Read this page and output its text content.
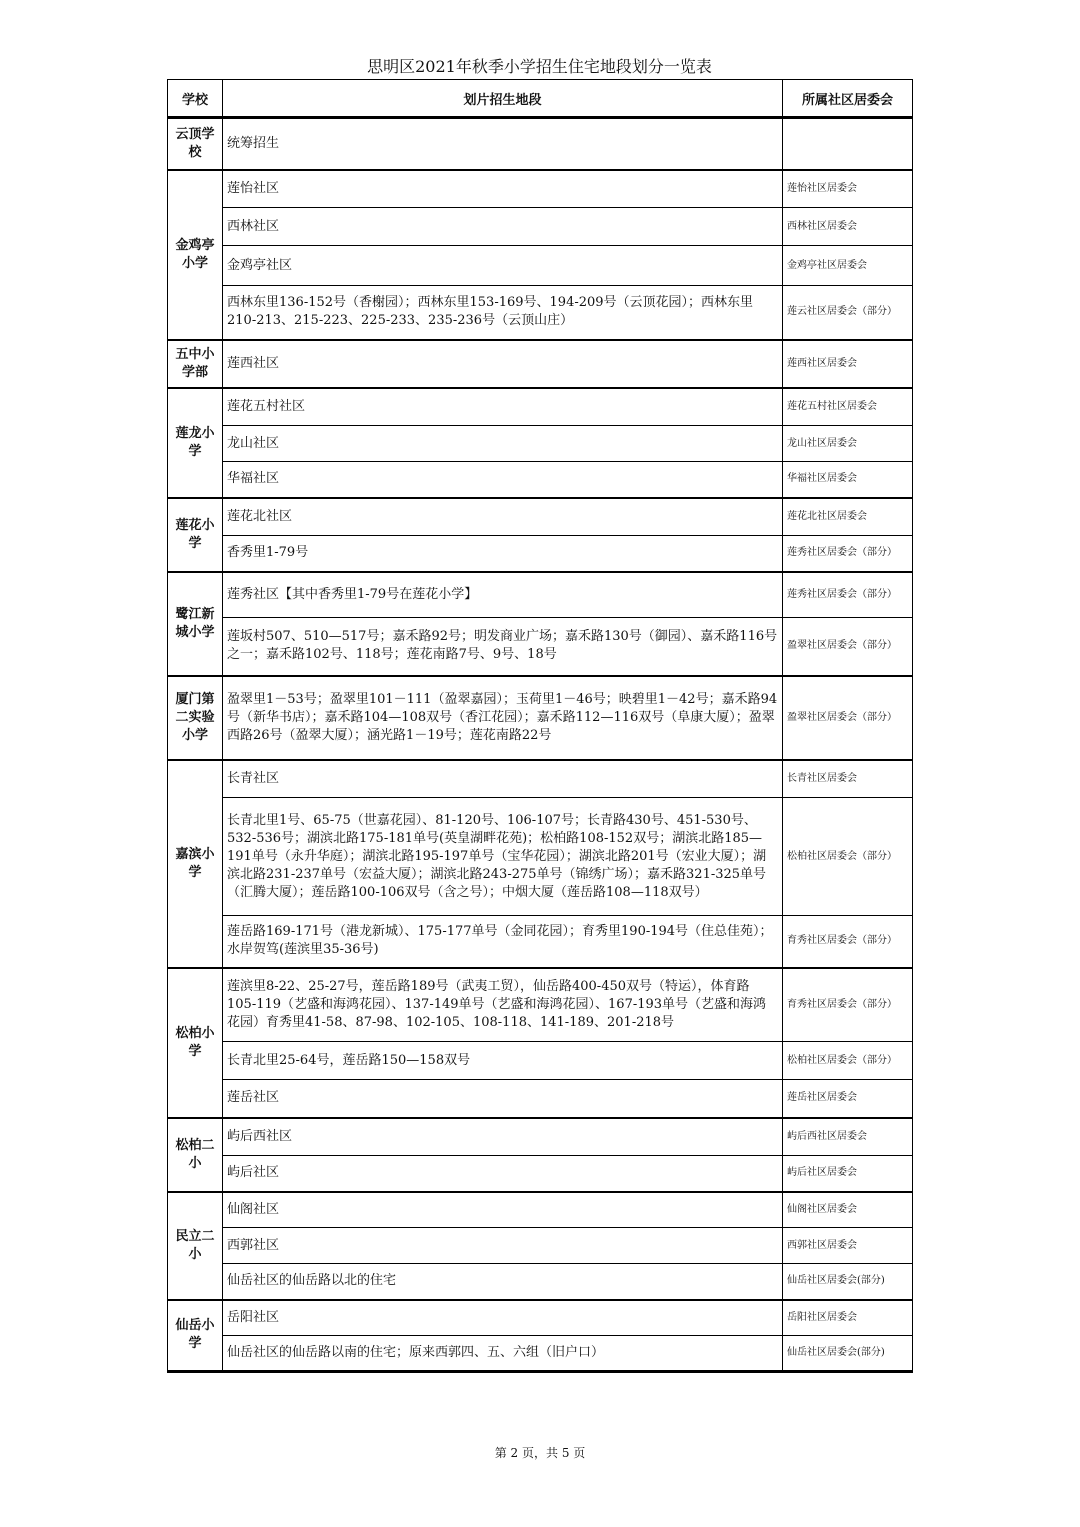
思明区2021年秋季小学招生住宅地段划分一览表
学校	划片招生地段	所属社区居委会
云顶学校	统筹招生	
金鸡亭小学	莲怡社区	莲怡社区居委会
	西林社区	西林社区居委会
	金鸡亭社区	金鸡亭社区居委会
	西林东里136-152号（香榭园）；西林东里153-169号、194-209号（云顶花园）；西林东里210-213、215-223、225-233、235-236号（云顶山庄）	莲云社区居委会（部分）
五中小学部	莲西社区	莲西社区居委会
莲龙小学	莲花五村社区	莲花五村社区居委会
	龙山社区	龙山社区居委会
	华福社区	华福社区居委会
莲花小学	莲花北社区	莲花北社区居委会
	香秀里1-79号	莲秀社区居委会（部分）
鹭江新城小学	莲秀社区【其中香秀里1-79号在莲花小学】	莲秀社区居委会（部分）
	莲坂村507、510—517号；嘉禾路92号；明发商业广场；嘉禾路130号（御园）、嘉禾路116号之一；嘉禾路102号、118号；莲花南路7号、9号、18号	盈翠社区居委会（部分）
厦门第二实验小学	盈翠里1－53号；盈翠里101－111（盈翠嘉园）；玉荷里1－46号；映碧里1－42号；嘉禾路94号（新华书店）；嘉禾路104—108双号（香江花园）；嘉禾路112—116双号（阜康大厦）；盈翠西路26号（盈翠大厦）；涵光路1－19号；莲花南路22号	盈翠社区居委会（部分）
嘉滨小学	长青社区	长青社区居委会
	长青北里1号、65-75（世嘉花园）、81-120号、106-107号；长青路430号、451-530号、532-536号；湖滨北路175-181单号(英皇湖畔花苑)；松柏路108-152双号；湖滨北路185—191单号（永升华庭）；湖滨北路195-197单号（宝华花园）；湖滨北路201号（宏业大厦）；湖滨北路231-237单号（宏益大厦）；湖滨北路243-275单号（锦绣广场）；嘉禾路321-325单号（汇腾大厦）；莲岳路100-106双号（含之号）；中烟大厦（莲岳路108—118双号）	松柏社区居委会（部分）
	莲岳路169-171号（港龙新城）、175-177单号（金同花园）；育秀里190-194号（住总佳苑）；水岸贺笃(莲滨里35-36号)	育秀社区居委会（部分）
松柏小学	莲滨里8-22、25-27号，莲岳路189号（武夷工贸），仙岳路400-450双号（特运），体育路105-119（艺盛和海鸿花园）、137-149单号（艺盛和海鸿花园）、167-193单号（艺盛和海鸿花园）育秀里41-58、87-98、102-105、108-118、141-189、201-218号	育秀社区居委会（部分）
	长青北里25-64号，莲岳路150—158双号	松柏社区居委会（部分）
	莲岳社区	莲岳社区居委会
松柏二小	屿后西社区	屿后西社区居委会
	屿后社区	屿后社区居委会
民立二小	仙阁社区	仙阁社区居委会
	西郭社区	西郭社区居委会
	仙岳社区的仙岳路以北的住宅	仙岳社区居委会(部分)
仙岳小学	岳阳社区	岳阳社区居委会
	仙岳社区的仙岳路以南的住宅；原来西郭四、五、六组（旧户口）	仙岳社区居委会(部分)
第 2 页，共 5 页
